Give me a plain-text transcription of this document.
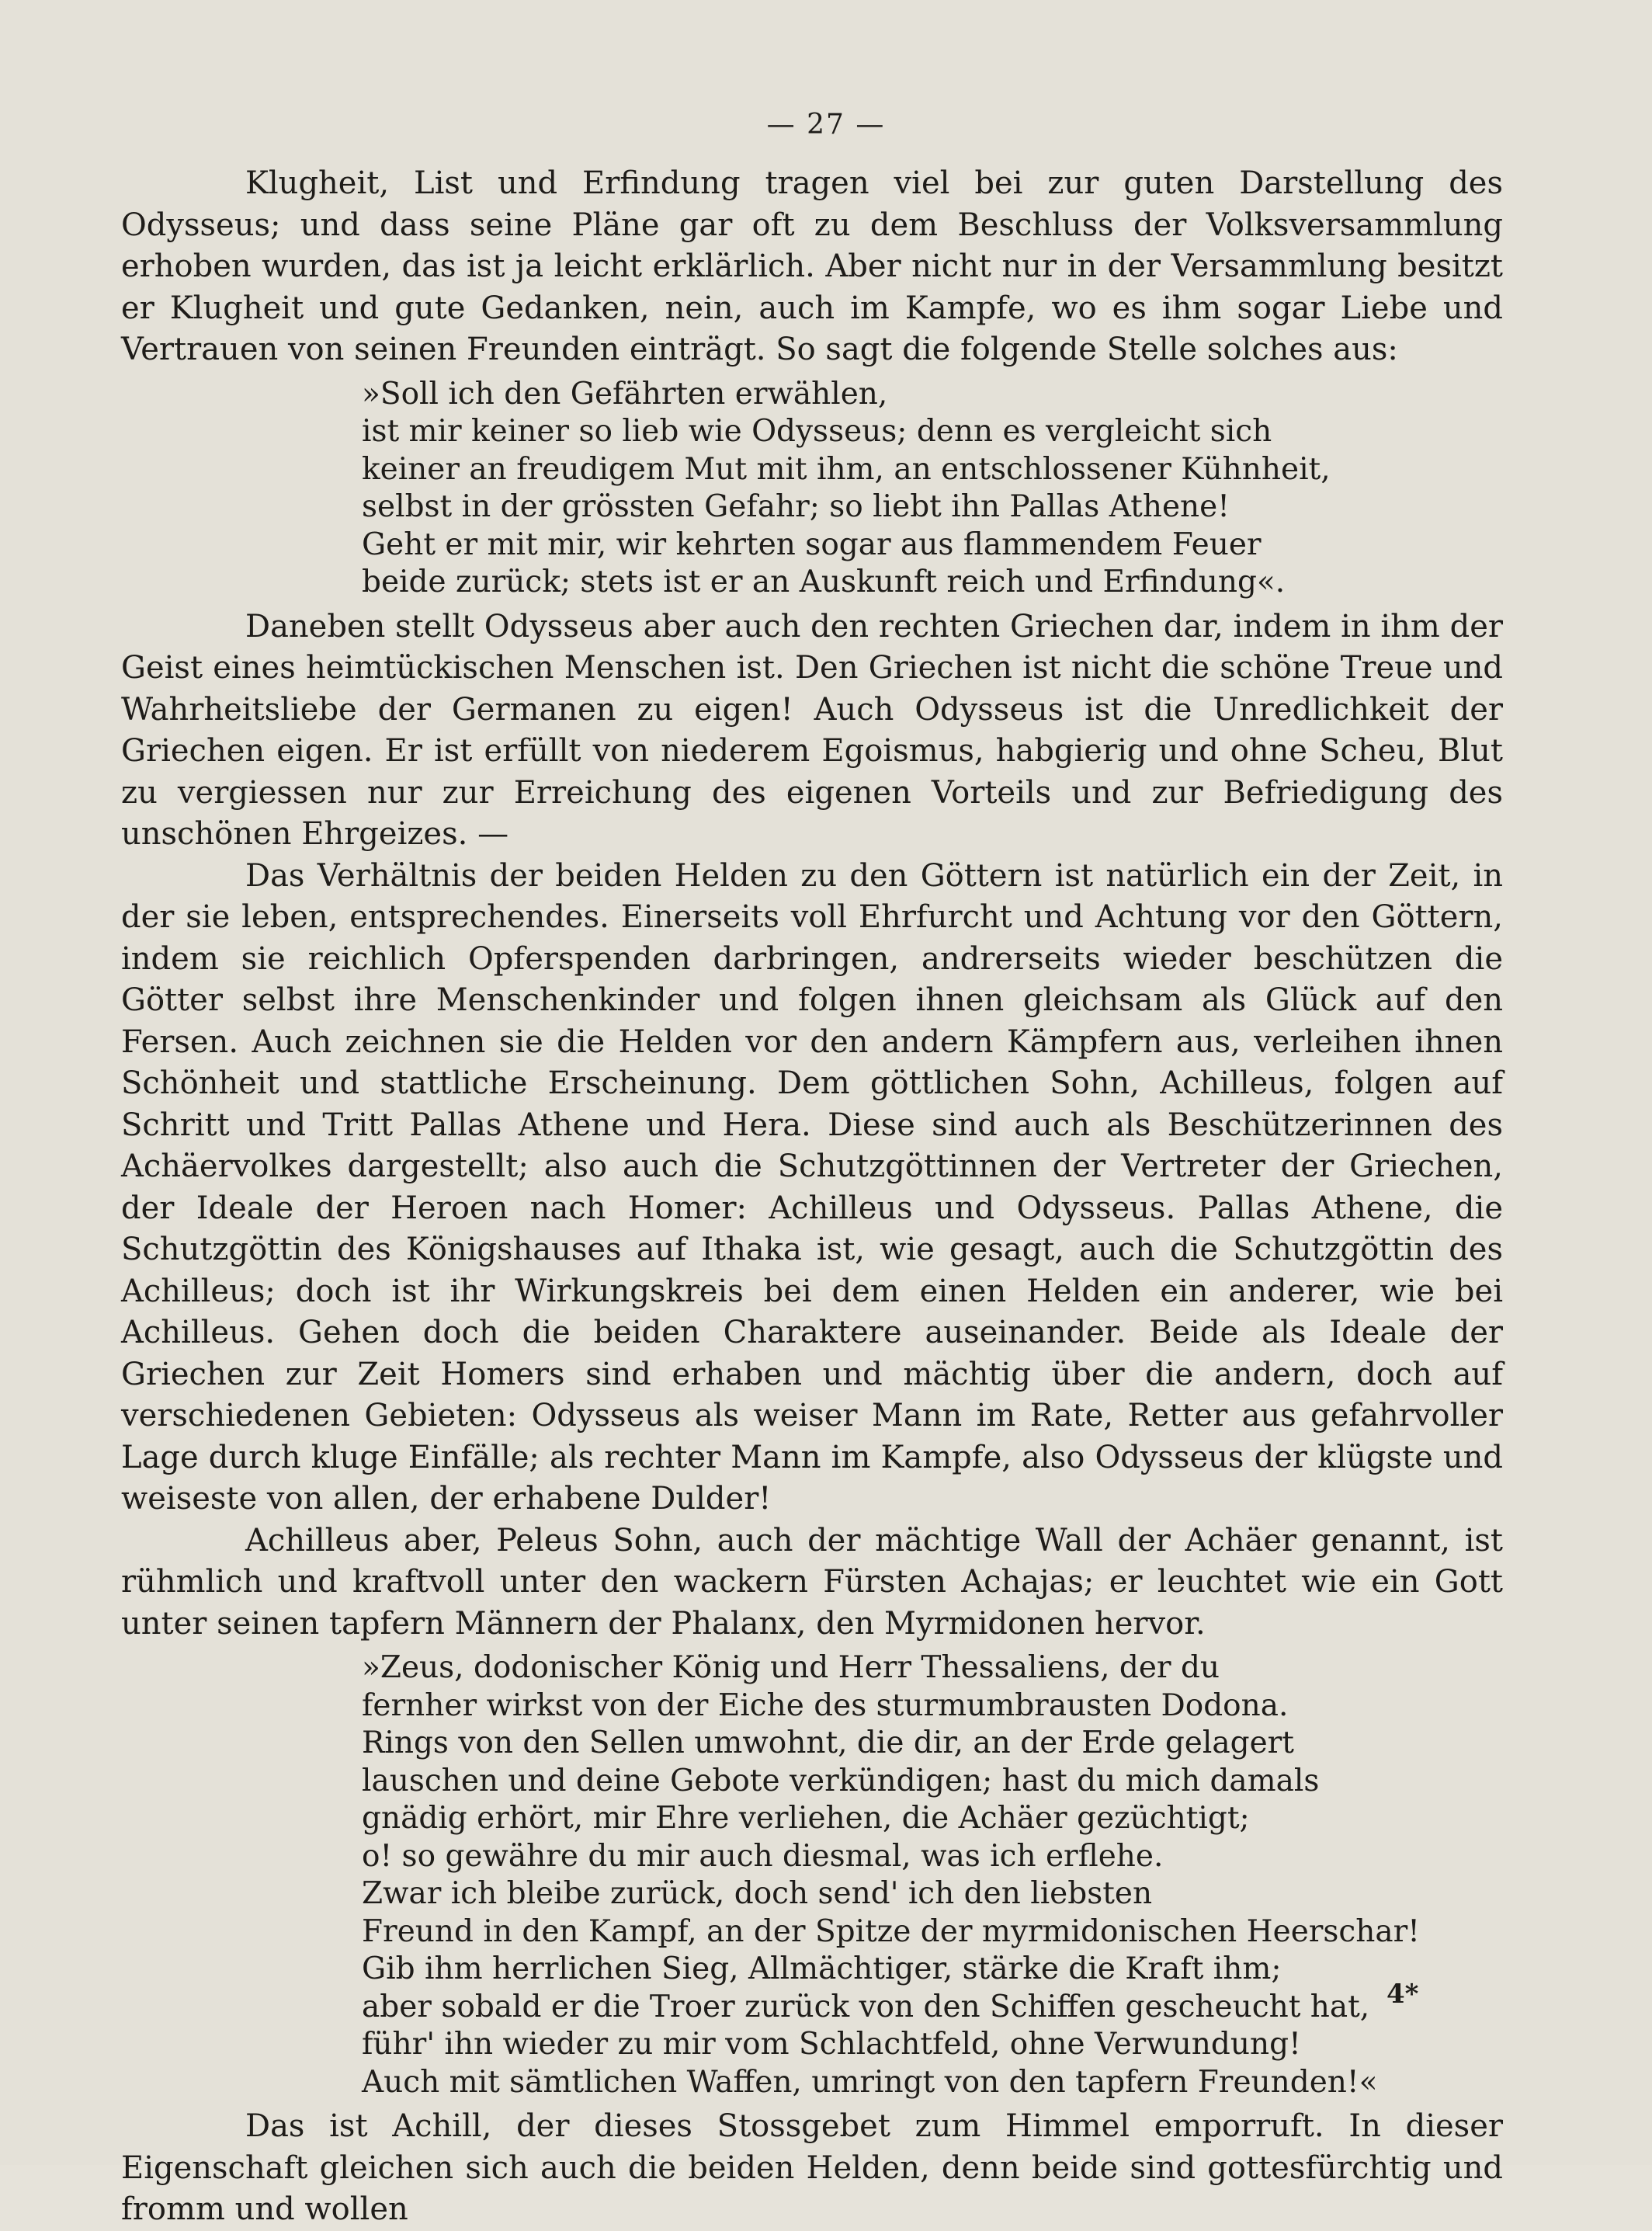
— 27 —

Klugheit, List und Erfindung tragen viel bei zur guten Darstellung des Odysseus; und dass seine Pläne gar oft zu dem Beschluss der Volksversammlung erhoben wurden, das ist ja leicht erklärlich. Aber nicht nur in der Versammlung besitzt er Klugheit und gute Gedanken, nein, auch im Kampfe, wo es ihm sogar Liebe und Vertrauen von seinen Freunden einträgt. So sagt die folgende Stelle solches aus:

»Soll ich den Gefährten erwählen,
ist mir keiner so lieb wie Odysseus; denn es vergleicht sich
keiner an freudigem Mut mit ihm, an entschlossener Kühnheit,
selbst in der grössten Gefahr; so liebt ihn Pallas Athene!
Geht er mit mir, wir kehrten sogar aus flammendem Feuer
beide zurück; stets ist er an Auskunft reich und Erfindung«.

Daneben stellt Odysseus aber auch den rechten Griechen dar, indem in ihm der Geist eines heimtückischen Menschen ist. Den Griechen ist nicht die schöne Treue und Wahrheitsliebe der Germanen zu eigen! Auch Odysseus ist die Unredlichkeit der Griechen eigen. Er ist erfüllt von niederem Egoismus, habgierig und ohne Scheu, Blut zu vergiessen nur zur Erreichung des eigenen Vorteils und zur Befriedigung des unschönen Ehrgeizes. —

Das Verhältnis der beiden Helden zu den Göttern ist natürlich ein der Zeit, in der sie leben, entsprechendes. Einerseits voll Ehrfurcht und Achtung vor den Göttern, indem sie reichlich Opferspenden darbringen, andrerseits wieder beschützen die Götter selbst ihre Menschenkinder und folgen ihnen gleichsam als Glück auf den Fersen. Auch zeichnen sie die Helden vor den andern Kämpfern aus, verleihen ihnen Schönheit und stattliche Erscheinung. Dem göttlichen Sohn, Achilleus, folgen auf Schritt und Tritt Pallas Athene und Hera. Diese sind auch als Beschützerinnen des Achäervolkes dargestellt; also auch die Schutzgöttinnen der Vertreter der Griechen, der Ideale der Heroen nach Homer: Achilleus und Odysseus. Pallas Athene, die Schutzgöttin des Königshauses auf Ithaka ist, wie gesagt, auch die Schutzgöttin des Achilleus; doch ist ihr Wirkungskreis bei dem einen Helden ein anderer, wie bei Achilleus. Gehen doch die beiden Charaktere auseinander. Beide als Ideale der Griechen zur Zeit Homers sind erhaben und mächtig über die andern, doch auf verschiedenen Gebieten: Odysseus als weiser Mann im Rate, Retter aus gefahrvoller Lage durch kluge Einfälle; als rechter Mann im Kampfe, also Odysseus der klügste und weiseste von allen, der erhabene Dulder!

Achilleus aber, Peleus Sohn, auch der mächtige Wall der Achäer genannt, ist rühmlich und kraftvoll unter den wackern Fürsten Achajas; er leuchtet wie ein Gott unter seinen tapfern Männern der Phalanx, den Myrmidonen hervor.

»Zeus, dodonischer König und Herr Thessaliens, der du
fernher wirkst von der Eiche des sturmumbrausten Dodona.
Rings von den Sellen umwohnt, die dir, an der Erde gelagert
lauschen und deine Gebote verkündigen; hast du mich damals
gnädig erhört, mir Ehre verliehen, die Achäer gezüchtigt;
o! so gewähre du mir auch diesmal, was ich erflehe.
Zwar ich bleibe zurück, doch send' ich den liebsten
Freund in den Kampf, an der Spitze der myrmidonischen Heerschar!
Gib ihm herrlichen Sieg, Allmächtiger, stärke die Kraft ihm;
aber sobald er die Troer zurück von den Schiffen gescheucht hat,
führ' ihn wieder zu mir vom Schlachtfeld, ohne Verwundung!
Auch mit sämtlichen Waffen, umringt von den tapfern Freunden!«

Das ist Achill, der dieses Stossgebet zum Himmel emporruft. In dieser Eigenschaft gleichen sich auch die beiden Helden, denn beide sind gottesfürchtig und fromm und wollen

4*
